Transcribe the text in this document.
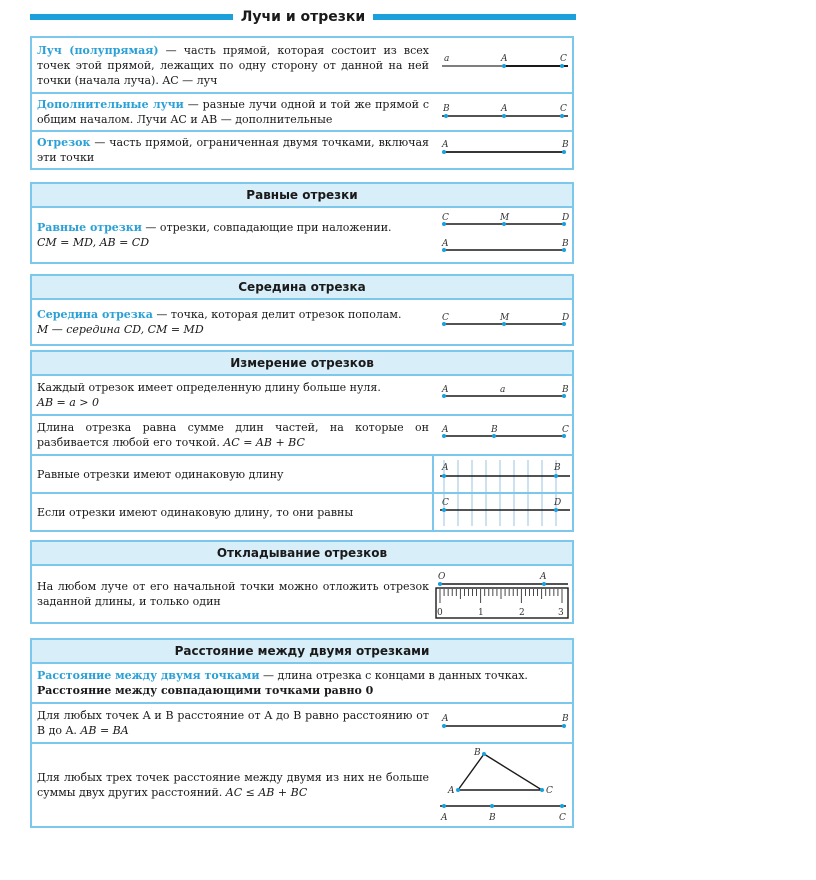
Лучи и отрезки
Луч (полупрямая) — часть прямой, которая состоит из всех точек этой прямой, лежащих по одну сторону от данной на ней точки (начала луча). AC — луч
a	A	C
Дополнительные лучи — разные лучи одной и той же прямой с общим началом. Лучи AC и AB — дополнительные
B	A	C
Отрезок — часть прямой, ограниченная двумя точками, включая эти точки
A	B
Равные отрезки
Равные отрезки — отрезки, совпадающие при наложении.
CM = MD, AB = CD
C	M	D
A	B
Середина отрезка
Середина отрезка — точка, которая делит отрезок пополам.
M — середина CD, CM = MD
C	M	D
Измерение отрезков
Каждый отрезок имеет определенную длину больше нуля.
AB = a > 0
A	a	B
Длина отрезка равна сумме длин частей, на которые он разбивается любой его точкой. AC = AB + BC
A	B	C
Равные отрезки имеют одинаковую длину	A	B
Если отрезки имеют одинаковую длину, то они равны
C	D
Откладывание отрезков
На любом луче от его начальной точки можно отложить отрезок заданной длины, и только один
O	A
0	1	2	3
Расстояние между двумя отрезками
Расстояние между двумя точками — длина отрезка с концами в данных точках.
Расстояние между совпадающими точками равно 0
Для любых точек A и B расстояние от A до B равно расстоянию от B до A. AB = BA
A	B
Для любых трех точек расстояние между двумя из них не больше суммы двух других расстояний. AC ≤ AB + BC
B
A	C
A	B	C
